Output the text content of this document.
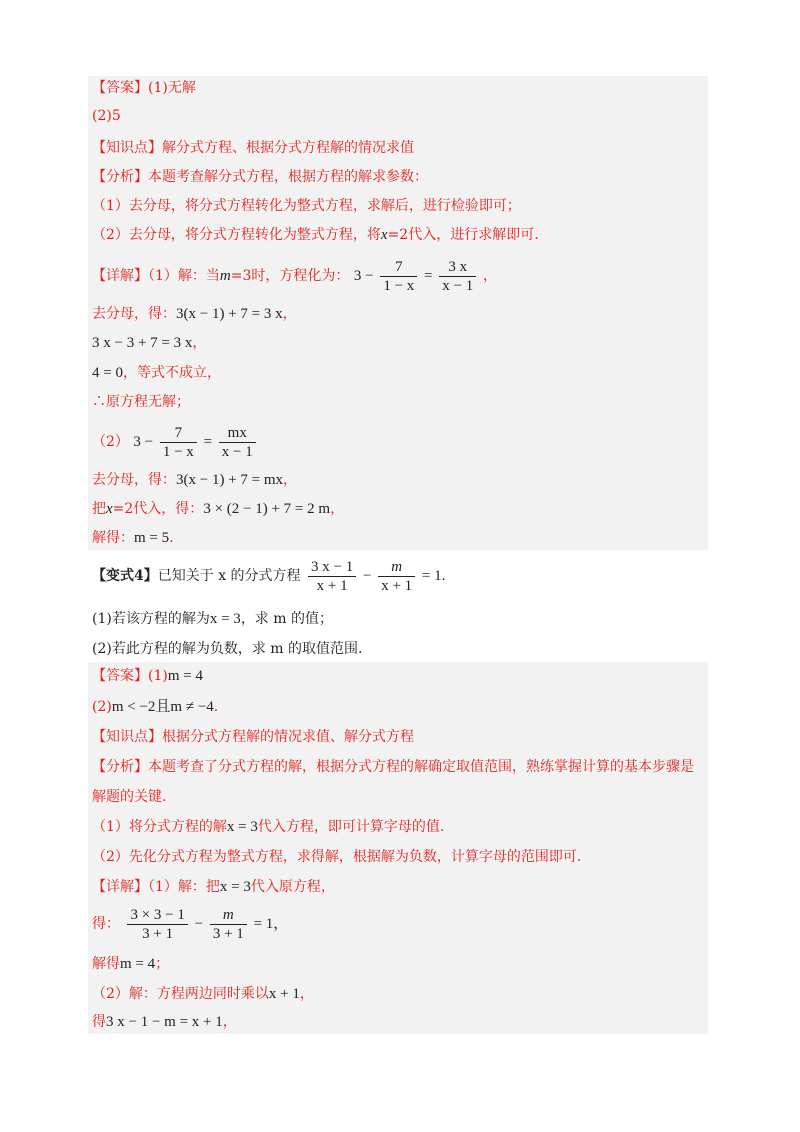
【答案】(1)无解
(2)5
【知识点】解分式方程、根据分式方程解的情况求值
【分析】本题考查解分式方程，根据方程的解求参数：
（1）去分母，将分式方程转化为整式方程，求解后，进行检验即可；
（2）去分母，将分式方程转化为整式方程，将x=2代入，进行求解即可.
【详解】（1）解：当m=3时，方程化为： $3 - \frac{7}{1 - x} = \frac{3 x}{x - 1}$ ，
去分母，得：3(x − 1) + 7 = 3 x，
3 x − 3 + 7 = 3 x，
4 = 0，等式不成立，
∴原方程无解；
（2） $3 - \frac{7}{1 - x} = \frac{mx}{x - 1}$
去分母，得：3(x − 1) + 7 = mx，
把x=2代入，得：3 × (2 − 1) + 7 = 2 m，
解得：m = 5.
【变式4】已知关于 x 的分式方程 $\frac{3 x - 1}{x + 1} - \frac{m}{x + 1} = 1$.
(1)若该方程的解为x = 3，求 m 的值；
(2)若此方程的解为负数，求 m 的取值范围.
【答案】(1)m = 4
(2)m < −2且m ≠ −4.
【知识点】根据分式方程解的情况求值、解分式方程
【分析】本题考查了分式方程的解，根据分式方程的解确定取值范围，熟练掌握计算的基本步骤是
解题的关键.
（1）将分式方程的解x = 3代入方程，即可计算字母的值.
（2）先化分式方程为整式方程，求得解，根据解为负数，计算字母的范围即可.
【详解】（1）解：把x = 3代入原方程，
得： $\frac{3 \times 3 - 1}{3 + 1} - \frac{m}{3 + 1} = 1$，
解得m = 4；
（2）解：方程两边同时乘以x + 1，
得3 x − 1 − m = x + 1，
